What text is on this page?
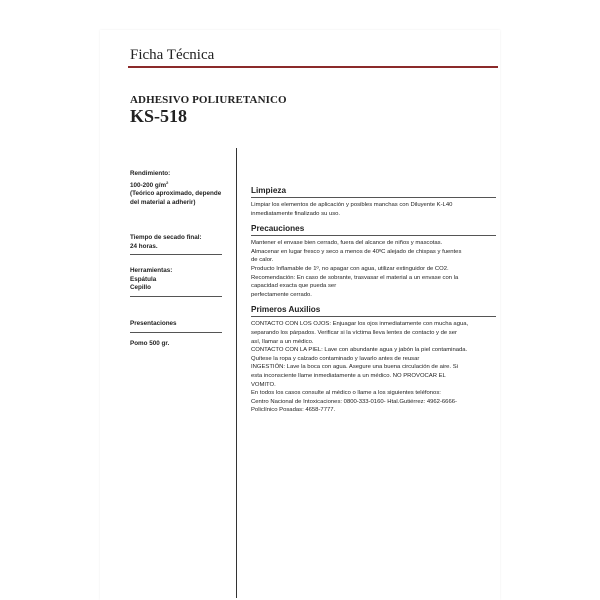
Ficha Técnica
ADHESIVO POLIURETANICO
KS-518
Rendimiento:
100-200 $g/m^2$
(Teórico aproximado, depende del material a adherir)
Tiempo de secado final:
24 horas.
Herramientas:
Espátula
Cepillo
Presentaciones
Pomo 500 gr.
Limpieza

Limpiar los elementos de aplicación y posibles manchas con Diluyente K-L40

inmediatamente finalizado su uso.

Precauciones

Mantener el envase bien cerrado, fuera del alcance de niños y mascotas.

Almacenar en lugar fresco y seco a menos de 40ºC alejado de chispas y fuentes

de calor.

Producto Inflamable de 1º, no apagar con agua, utilizar extinguidor de CO2.

Recomendación: En caso de sobrante, trasvasar el material a un envase con la

capacidad exacta que pueda ser

perfectamente cerrado.

Primeros Auxilios

CONTACTO CON LOS OJOS: Enjuagar los ojos inmediatamente con mucha agua,

separando los párpados. Verificar si la víctima lleva lentes de contacto y de ser

así, llamar a un médico.

CONTACTO CON LA PIEL: Lave con abundante agua y jabón la piel contaminada.

Quítese la ropa y calzado contaminado y lavarlo antes de reusar

INGESTIÓN: Lave la boca con agua. Asegure una buena circulación de aire. Si

esta inconsciente llame inmediatamente a un médico. NO PROVOCAR EL

VOMITO.

En todos los casos consulte al médico o llame a los siguientes teléfonos:

Centro Nacional de Intoxicaciones: 0800-333-0160- Htal.Gutiérrez: 4962-6666-

Policlínico Posadas: 4658-7777.
